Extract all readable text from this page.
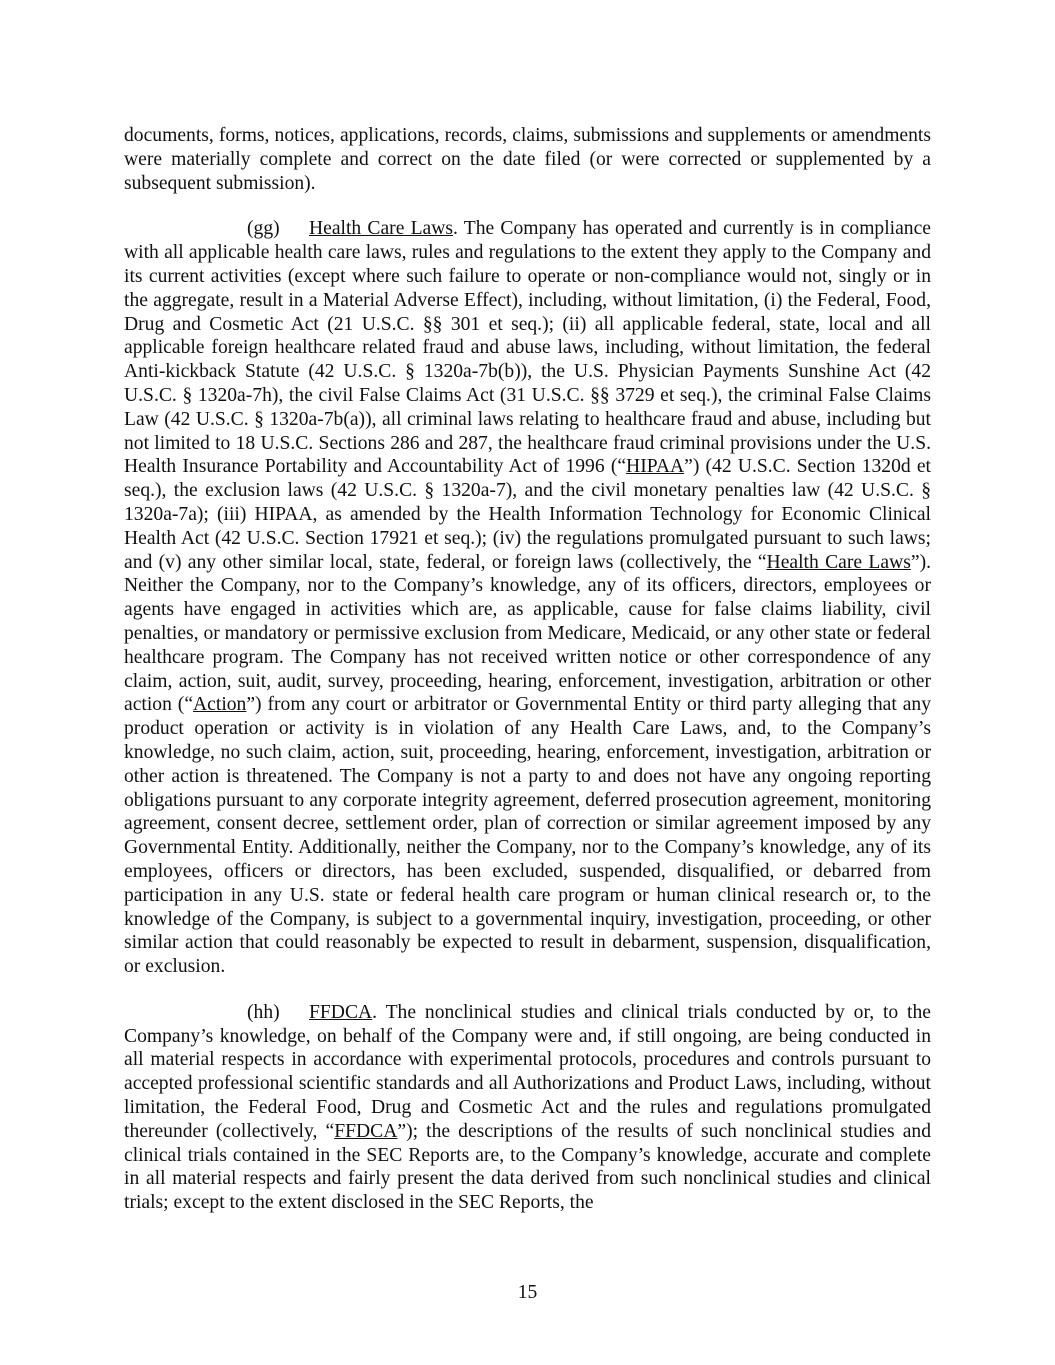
documents, forms, notices, applications, records, claims, submissions and supplements or amendments were materially complete and correct on the date filed (or were corrected or supplemented by a subsequent submission).

(gg) Health Care Laws. The Company has operated and currently is in compliance with all applicable health care laws, rules and regulations to the extent they apply to the Company and its current activities (except where such failure to operate or non-compliance would not, singly or in the aggregate, result in a Material Adverse Effect), including, without limitation, (i) the Federal, Food, Drug and Cosmetic Act (21 U.S.C. §§ 301 et seq.); (ii) all applicable federal, state, local and all applicable foreign healthcare related fraud and abuse laws, including, without limitation, the federal Anti-kickback Statute (42 U.S.C. § 1320a-7b(b)), the U.S. Physician Payments Sunshine Act (42 U.S.C. § 1320a-7h), the civil False Claims Act (31 U.S.C. §§ 3729 et seq.), the criminal False Claims Law (42 U.S.C. § 1320a-7b(a)), all criminal laws relating to healthcare fraud and abuse, including but not limited to 18 U.S.C. Sections 286 and 287, the healthcare fraud criminal provisions under the U.S. Health Insurance Portability and Accountability Act of 1996 (“HIPAA”) (42 U.S.C. Section 1320d et seq.), the exclusion laws (42 U.S.C. § 1320a-7), and the civil monetary penalties law (42 U.S.C. § 1320a-7a); (iii) HIPAA, as amended by the Health Information Technology for Economic Clinical Health Act (42 U.S.C. Section 17921 et seq.); (iv) the regulations promulgated pursuant to such laws; and (v) any other similar local, state, federal, or foreign laws (collectively, the “Health Care Laws”). Neither the Company, nor to the Company’s knowledge, any of its officers, directors, employees or agents have engaged in activities which are, as applicable, cause for false claims liability, civil penalties, or mandatory or permissive exclusion from Medicare, Medicaid, or any other state or federal healthcare program. The Company has not received written notice or other correspondence of any claim, action, suit, audit, survey, proceeding, hearing, enforcement, investigation, arbitration or other action (“Action”) from any court or arbitrator or Governmental Entity or third party alleging that any product operation or activity is in violation of any Health Care Laws, and, to the Company’s knowledge, no such claim, action, suit, proceeding, hearing, enforcement, investigation, arbitration or other action is threatened. The Company is not a party to and does not have any ongoing reporting obligations pursuant to any corporate integrity agreement, deferred prosecution agreement, monitoring agreement, consent decree, settlement order, plan of correction or similar agreement imposed by any Governmental Entity. Additionally, neither the Company, nor to the Company’s knowledge, any of its employees, officers or directors, has been excluded, suspended, disqualified, or debarred from participation in any U.S. state or federal health care program or human clinical research or, to the knowledge of the Company, is subject to a governmental inquiry, investigation, proceeding, or other similar action that could reasonably be expected to result in debarment, suspension, disqualification, or exclusion.

(hh) FFDCA. The nonclinical studies and clinical trials conducted by or, to the Company’s knowledge, on behalf of the Company were and, if still ongoing, are being conducted in all material respects in accordance with experimental protocols, procedures and controls pursuant to accepted professional scientific standards and all Authorizations and Product Laws, including, without limitation, the Federal Food, Drug and Cosmetic Act and the rules and regulations promulgated thereunder (collectively, “FFDCA”); the descriptions of the results of such nonclinical studies and clinical trials contained in the SEC Reports are, to the Company’s knowledge, accurate and complete in all material respects and fairly present the data derived from such nonclinical studies and clinical trials; except to the extent disclosed in the SEC Reports, the

15
